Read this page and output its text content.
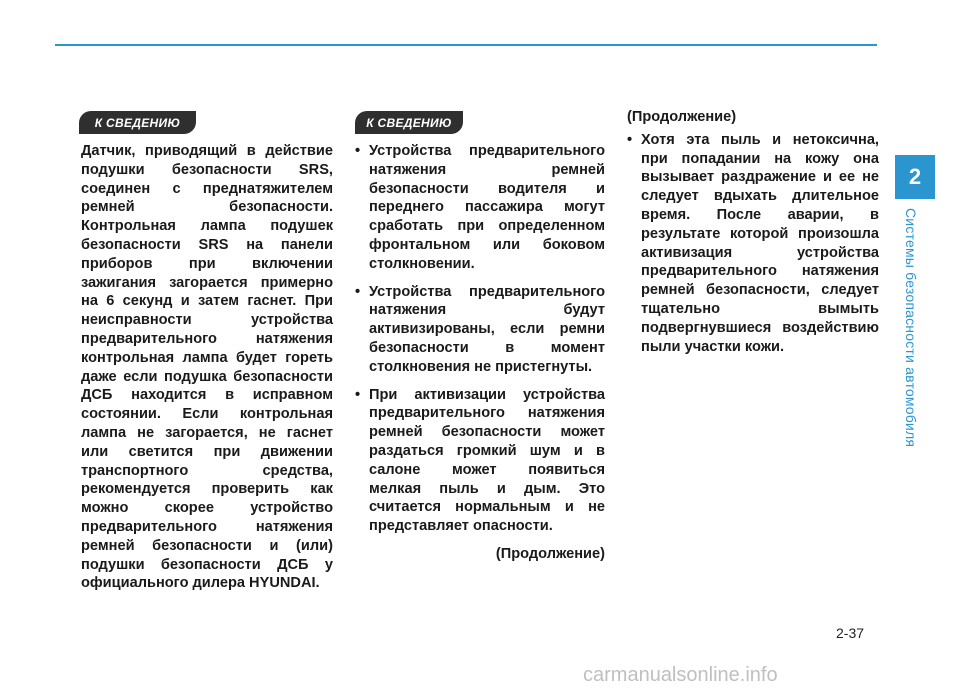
2
Системы безопасности автомобиля
К СВЕДЕНИЮ
Датчик, приводящий в действие подушки безопасности SRS, соединен с преднатяжителем ремней безопасности. Контрольная лампа подушек безопасности SRS на панели приборов при включении зажигания загорается примерно на 6 секунд и затем гаснет. При неисправности устройства предварительного натяжения контрольная лампа будет гореть даже если подушка безопасности ДСБ находится в исправном состоянии. Если контрольная лампа не загорается, не гаснет или светится при движении транспортного средства, рекомендуется проверить как можно скорее устройство предварительного натяжения ремней безопасности и (или) подушки безопасности ДСБ у официального дилера HYUNDAI.
К СВЕДЕНИЮ
• Устройства предварительного натяжения ремней безопасности водителя и переднего пассажира могут сработать при определенном фронтальном или боковом столкновении.
• Устройства предварительного натяжения будут активизированы, если ремни безопасности в момент столкновения не пристегнуты.
• При активизации устройства предварительного натяжения ремней безопасности может раздаться громкий шум и в салоне может появиться мелкая пыль и дым. Это считается нормальным и не представляет опасности.
(Продолжение)
(Продолжение)
• Хотя эта пыль и нетоксична, при попадании на кожу она вызывает раздражение и ее не следует вдыхать длительное время. После аварии, в результате которой произошла активизация устройства предварительного натяжения ремней безопасности, следует тщательно вымыть подвергнувшиеся воздействию пыли участки кожи.
2-37
carmanualsonline.info
